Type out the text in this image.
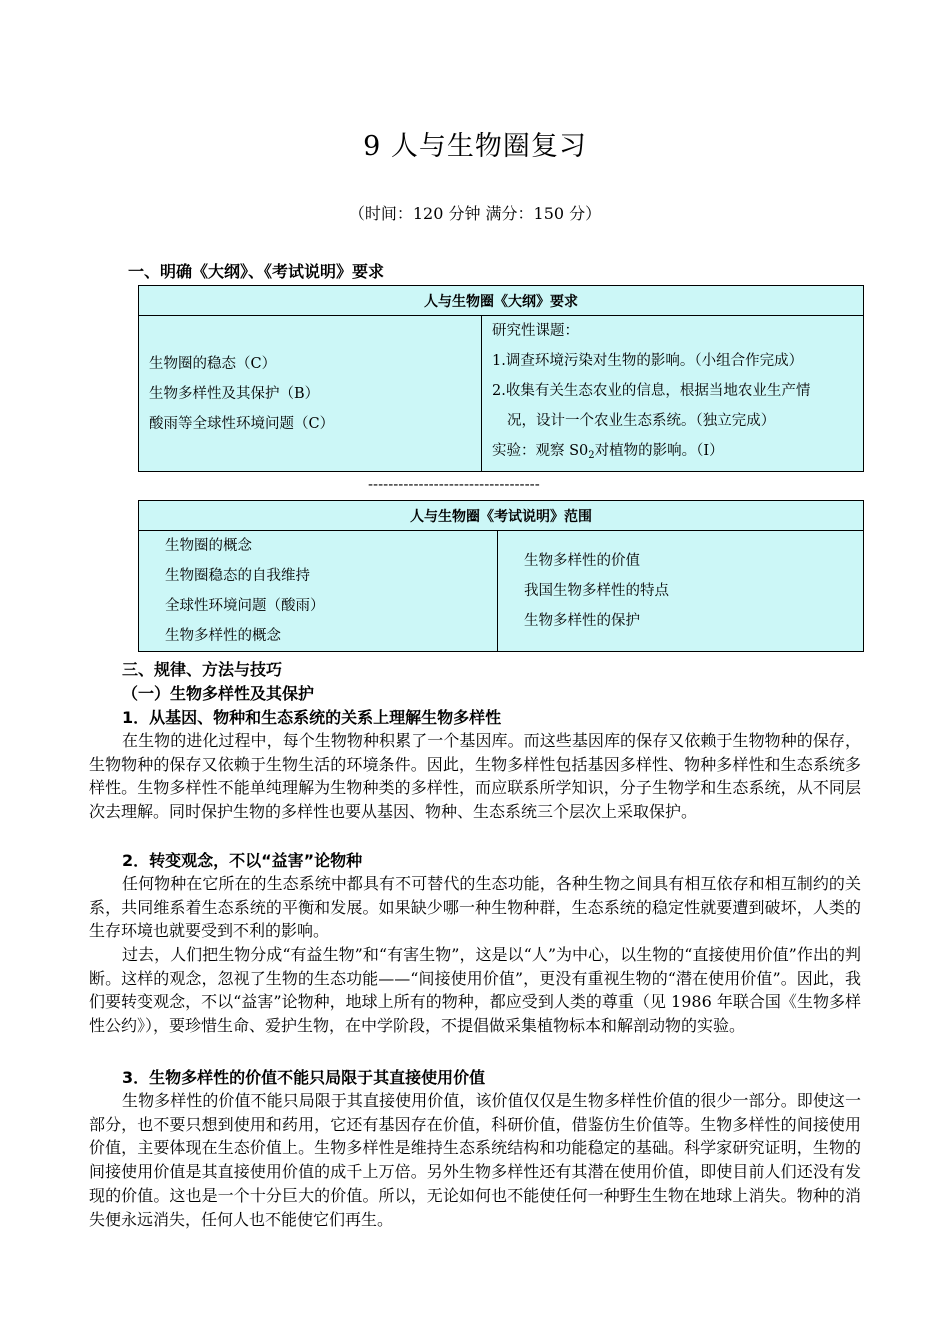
9 人与生物圈复习
（时间：120 分钟 满分：150 分）
一、明确《大纲》、《考试说明》要求
人与生物圈《大纲》要求

生物圈的稳态（C）
生物多样性及其保护（B）
酸雨等全球性环境问题（C）

研究性课题：
1.调查环境污染对生物的影响。（小组合作完成）
2.收集有关生态农业的信息，根据当地农业生产情
况，设计一个农业生态系统。（独立完成）
实验：观察 $S0_2$对植物的影响。（I）
----------------------------------
人与生物圈《考试说明》范围

生物圈的概念
生物圈稳态的自我维持
全球性环境问题（酸雨）
生物多样性的概念

生物多样性的价值
我国生物多样性的特点
生物多样性的保护
三、规律、方法与技巧
（一）生物多样性及其保护
1．从基因、物种和生态系统的关系上理解生物多样性

在生物的进化过程中，每个生物物种积累了一个基因库。而这些基因库的保存又依赖于生物物种的保存，生物物种的保存又依赖于生物生活的环境条件。因此，生物多样性包括基因多样性、物种多样性和生态系统多样性。生物多样性不能单纯理解为生物种类的多样性，而应联系所学知识，分子生物学和生态系统，从不同层次去理解。同时保护生物的多样性也要从基因、物种、生态系统三个层次上采取保护。

2．转变观念，不以“益害”论物种

任何物种在它所在的生态系统中都具有不可替代的生态功能，各种生物之间具有相互依存和相互制约的关系，共同维系着生态系统的平衡和发展。如果缺少哪一种生物种群，生态系统的稳定性就要遭到破坏，人类的生存环境也就要受到不利的影响。

过去，人们把生物分成“有益生物”和“有害生物”，这是以“人”为中心，以生物的“直接使用价值”作出的判断。这样的观念，忽视了生物的生态功能——“间接使用价值”，更没有重视生物的“潜在使用价值”。因此，我们要转变观念，不以“益害”论物种，地球上所有的物种，都应受到人类的尊重（见 1986 年联合国《生物多样性公约》），要珍惜生命、爱护生物，在中学阶段，不提倡做采集植物标本和解剖动物的实验。

3．生物多样性的价值不能只局限于其直接使用价值

生物多样性的价值不能只局限于其直接使用价值，该价值仅仅是生物多样性价值的很少一部分。即使这一部分，也不要只想到使用和药用，它还有基因存在价值，科研价值，借鉴仿生价值等。生物多样性的间接使用价值，主要体现在生态价值上。生物多样性是维持生态系统结构和功能稳定的基础。科学家研究证明，生物的间接使用价值是其直接使用价值的成千上万倍。另外生物多样性还有其潜在使用价值，即使目前人们还没有发现的价值。这也是一个十分巨大的价值。所以，无论如何也不能使任何一种野生生物在地球上消失。物种的消失便永远消失，任何人也不能使它们再生。
